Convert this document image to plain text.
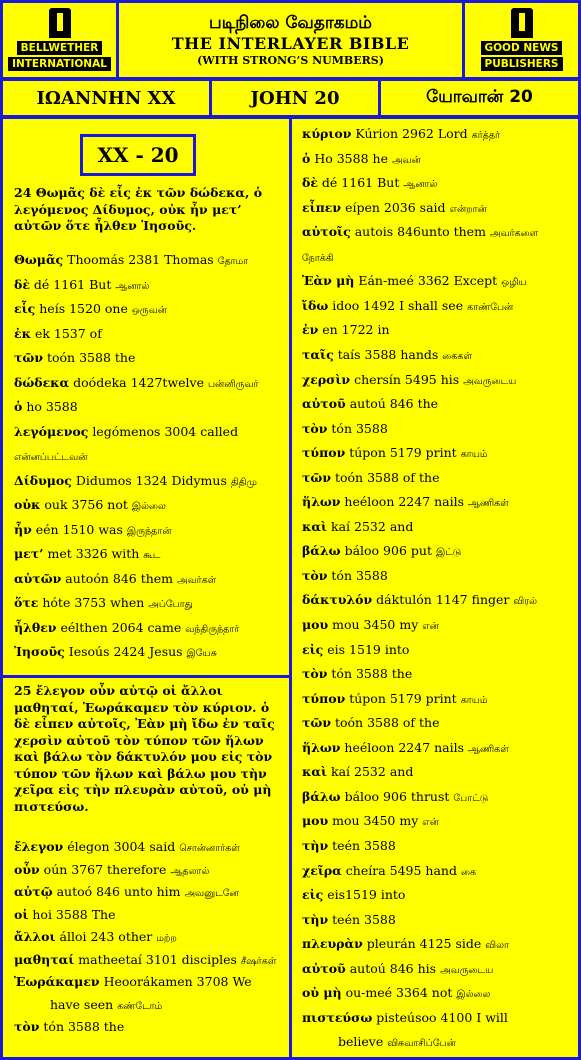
BELLWETHER
INTERNATIONAL
படிநிலை வேதாகமம்
THE INTERLAYER BIBLE
(WITH STRONG’S NUMBERS)
GOOD NEWS
PUBLISHERS
ΙΩΑΝΝΗΝ XX	JOHN 20	யோவான் 20
XX - 20
24 Θωμᾶς δὲ εἷς ἐκ τῶν δώδεκα, ὁ λεγόμενος Δίδυμος, οὐκ ἦν μετ’ αὐτῶν ὅτε ἦλθεν Ἰησοῦς.
Θωμᾶς Thoomás 2381 Thomas தோமா
δὲ dé 1161 But ஆனால்
εἷς heís 1520 one ஒருவன்
ἐκ ek 1537 of
τῶν toón 3588 the
δώδεκα doódeka 1427twelve பன்னிருவர்
ὁ ho 3588
λεγόμενος legómenos 3004 called
என்னப்பட்டவன்
Δίδυμος Didumos 1324 Didymus திதிமு
οὐκ ouk 3756 not இல்லை
ἦν eén 1510 was இருந்தான்
μετ’ met 3326 with கூட
αὐτῶν autoón 846 them அவர்கள்
ὅτε hóte 3753 when அப்போது
ἦλθεν eélthen 2064 came வந்திருந்தார்
Ἰησοῦς Iesoús 2424 Jesus இயேசு
25 ἔλεγον οὖν αὐτῷ οἱ ἄλλοι μαθηταί, Ἑωράκαμεν τὸν κύριον. ὁ δὲ εἶπεν αὐτοῖς, Ἐὰν μὴ ἴδω ἐν ταῖς χερσὶν αὐτοῦ τὸν τύπον τῶν ἥλων καὶ βάλω τὸν δάκτυλόν μου εἰς τὸν τύπον τῶν ἥλων καὶ βάλω μου τὴν χεῖρα εἰς τὴν πλευρὰν αὐτοῦ, οὐ μὴ πιστεύσω.
ἔλεγον élegon 3004 said சொன்னார்கள்
οὖν oún 3767 therefore ஆதலால்
αὐτῷ autoó 846 unto him அவனுடனே
οἱ hoi 3588 The
ἄλλοι álloi 243 other மற்ற
μαθηταί matheetaí 3101 disciples சீஷர்கள்
Ἑωράκαμεν Heoorákamen 3708 We
have seen கண்டோம்
τὸν tón 3588 the
κύριον Kúrion 2962 Lord கர்த்தர்
ὁ Ho 3588 he அவன்
δὲ dé 1161 But ஆனால்
εἶπεν eípen 2036 said என்றான்
αὐτοῖς autois 846unto them அவர்களை
நோக்கி
Ἐὰν μὴ Eán-meé 3362 Except ஒழிய
ἴδω idoo 1492 I shall see காண்பேன்
ἐν en 1722 in
ταῖς taís 3588 hands கைகள்
χερσὶν chersín 5495 his அவருடைய
αὐτοῦ autoú 846 the
τὸν tón 3588
τύπον túpon 5179 print காயம்
τῶν toón 3588 of the
ἥλων heéloon 2247 nails ஆணிகள்
καὶ kaí 2532 and
βάλω báloo 906 put இட்டு
τὸν tón 3588
δάκτυλόν dáktulón 1147 finger விரல்
μου mou 3450 my என்
εἰς eis 1519 into
τὸν tón 3588 the
τύπον túpon 5179 print காயம்
τῶν toón 3588 of the
ἥλων heéloon 2247 nails ஆணிகள்
καὶ kaí 2532 and
βάλω báloo 906 thrust போட்டு
μου mou 3450 my என்
τὴν teén 3588
χεῖρα cheíra 5495 hand கை
εἰς eis1519 into
τὴν teén 3588
πλευρὰν pleurán 4125 side விலா
αὐτοῦ autoú 846 his அவருடைய
οὐ μὴ ou-meé 3364 not இல்லை
πιστεύσω pisteúsoo 4100 I will
believe விசுவாசிப்பேன்
